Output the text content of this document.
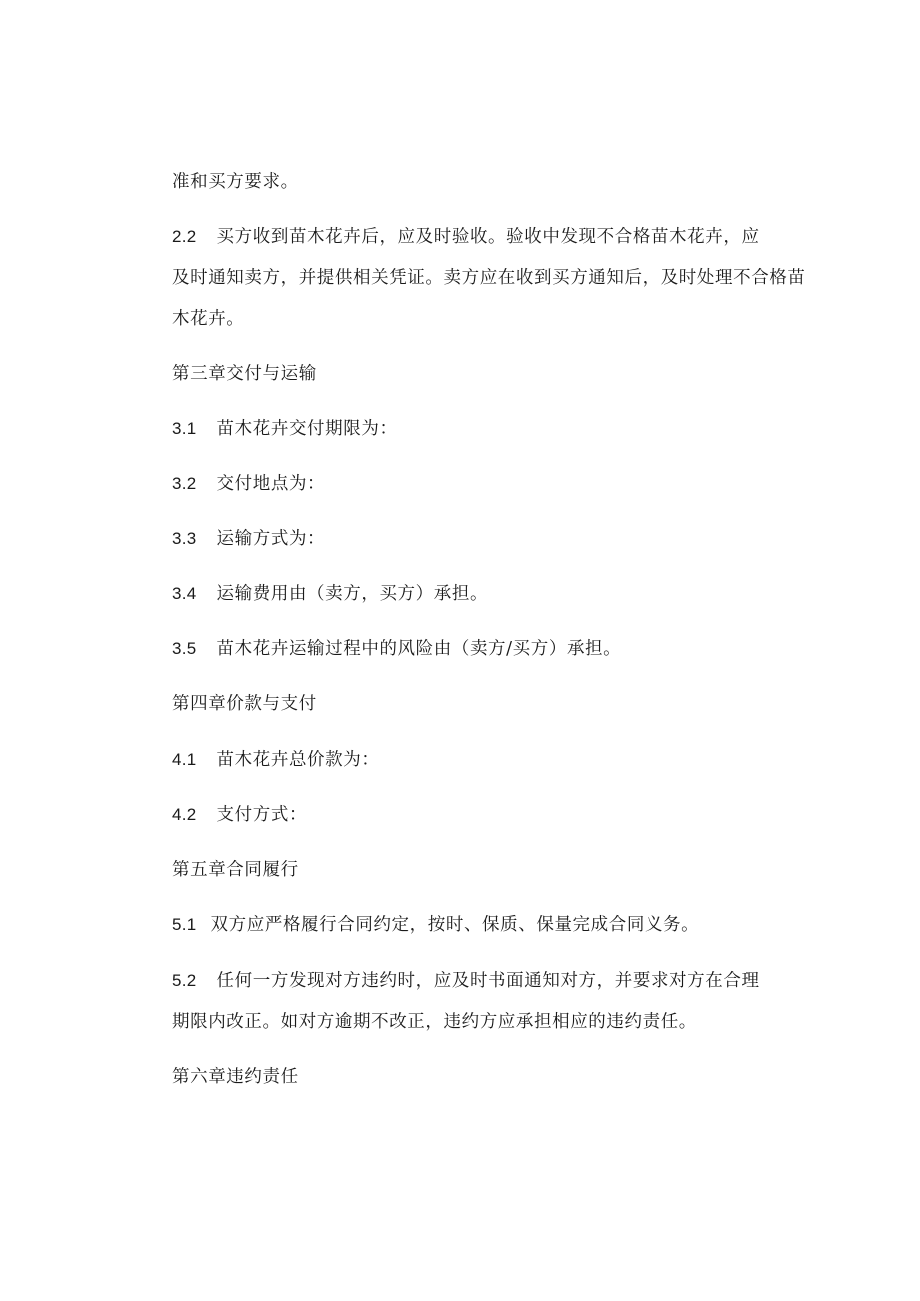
准和买方要求。
2.2 买方收到苗木花卉后，应及时验收。验收中发现不合格苗木花卉，应
及时通知卖方，并提供相关凭证。卖方应在收到买方通知后，及时处理不合格苗
木花卉。
第三章交付与运输
3.1 苗木花卉交付期限为：
3.2 交付地点为：
3.3 运输方式为：
3.4 运输费用由（卖方，买方）承担。
3.5 苗木花卉运输过程中的风险由（卖方/买方）承担。
第四章价款与支付
4.1 苗木花卉总价款为：
4.2 支付方式：
第五章合同履行
5.1 双方应严格履行合同约定，按时、保质、保量完成合同义务。
5.2 任何一方发现对方违约时，应及时书面通知对方，并要求对方在合理
期限内改正。如对方逾期不改正，违约方应承担相应的违约责任。
第六章违约责任
